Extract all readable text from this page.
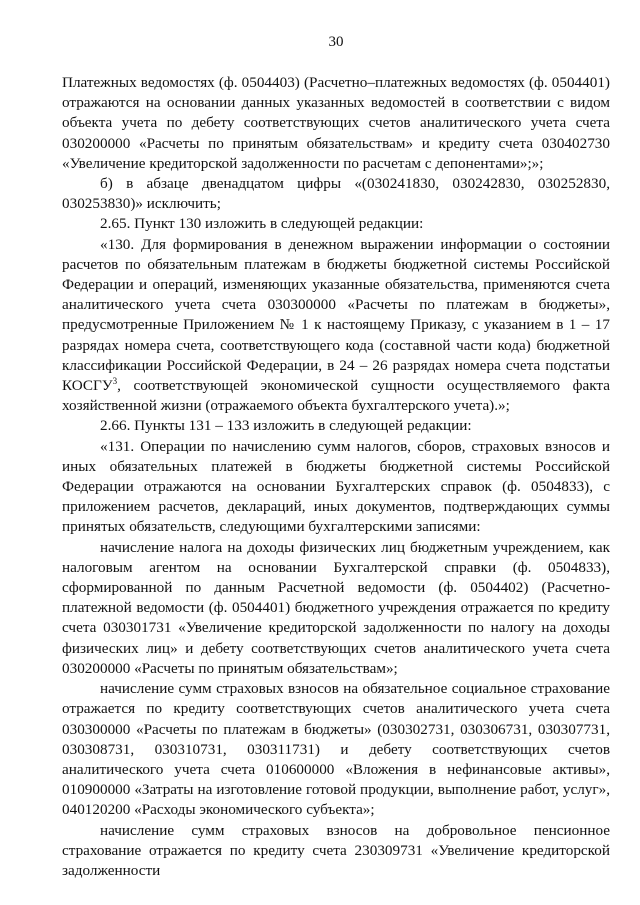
30

Платежных ведомостях (ф. 0504403) (Расчетно–платежных ведомостях (ф. 0504401) отражаются на основании данных указанных ведомостей в соответствии с видом объекта учета по дебету соответствующих счетов аналитического учета счета 030200000 «Расчеты по принятым обязательствам» и кредиту счета 030402730 «Увеличение кредиторской задолженности по расчетам с депонентами»;»;

б) в абзаце двенадцатом цифры «(030241830, 030242830, 030252830, 030253830)» исключить;

2.65. Пункт 130 изложить в следующей редакции:

«130. Для формирования в денежном выражении информации о состоянии расчетов по обязательным платежам в бюджеты бюджетной системы Российской Федерации и операций, изменяющих указанные обязательства, применяются счета аналитического учета счета 030300000 «Расчеты по платежам в бюджеты», предусмотренные Приложением № 1 к настоящему Приказу, с указанием в 1 – 17 разрядах номера счета, соответствующего кода (составной части кода) бюджетной классификации Российской Федерации, в 24 – 26 разрядах номера счета подстатьи КОСГУ$^3$, соответствующей экономической сущности осуществляемого факта хозяйственной жизни (отражаемого объекта бухгалтерского учета).»;

2.66. Пункты 131 – 133 изложить в следующей редакции:

«131. Операции по начислению сумм налогов, сборов, страховых взносов и иных обязательных платежей в бюджеты бюджетной системы Российской Федерации отражаются на основании Бухгалтерских справок (ф. 0504833), с приложением расчетов, деклараций, иных документов, подтверждающих суммы принятых обязательств, следующими бухгалтерскими записями:

начисление налога на доходы физических лиц бюджетным учреждением, как налоговым агентом на основании Бухгалтерской справки (ф. 0504833), сформированной по данным Расчетной ведомости (ф. 0504402) (Расчетно-платежной ведомости (ф. 0504401) бюджетного учреждения отражается по кредиту счета 030301731 «Увеличение кредиторской задолженности по налогу на доходы физических лиц» и дебету соответствующих счетов аналитического учета счета 030200000 «Расчеты по принятым обязательствам»;

начисление сумм страховых взносов на обязательное социальное страхование отражается по кредиту соответствующих счетов аналитического учета счета 030300000 «Расчеты по платежам в бюджеты» (030302731, 030306731, 030307731, 030308731, 030310731, 030311731) и дебету соответствующих счетов аналитического учета счета 010600000 «Вложения в нефинансовые активы», 010900000 «Затраты на изготовление готовой продукции, выполнение работ, услуг», 040120200 «Расходы экономического субъекта»;

начисление сумм страховых взносов на добровольное пенсионное страхование отражается по кредиту счета 230309731 «Увеличение кредиторской задолженности
